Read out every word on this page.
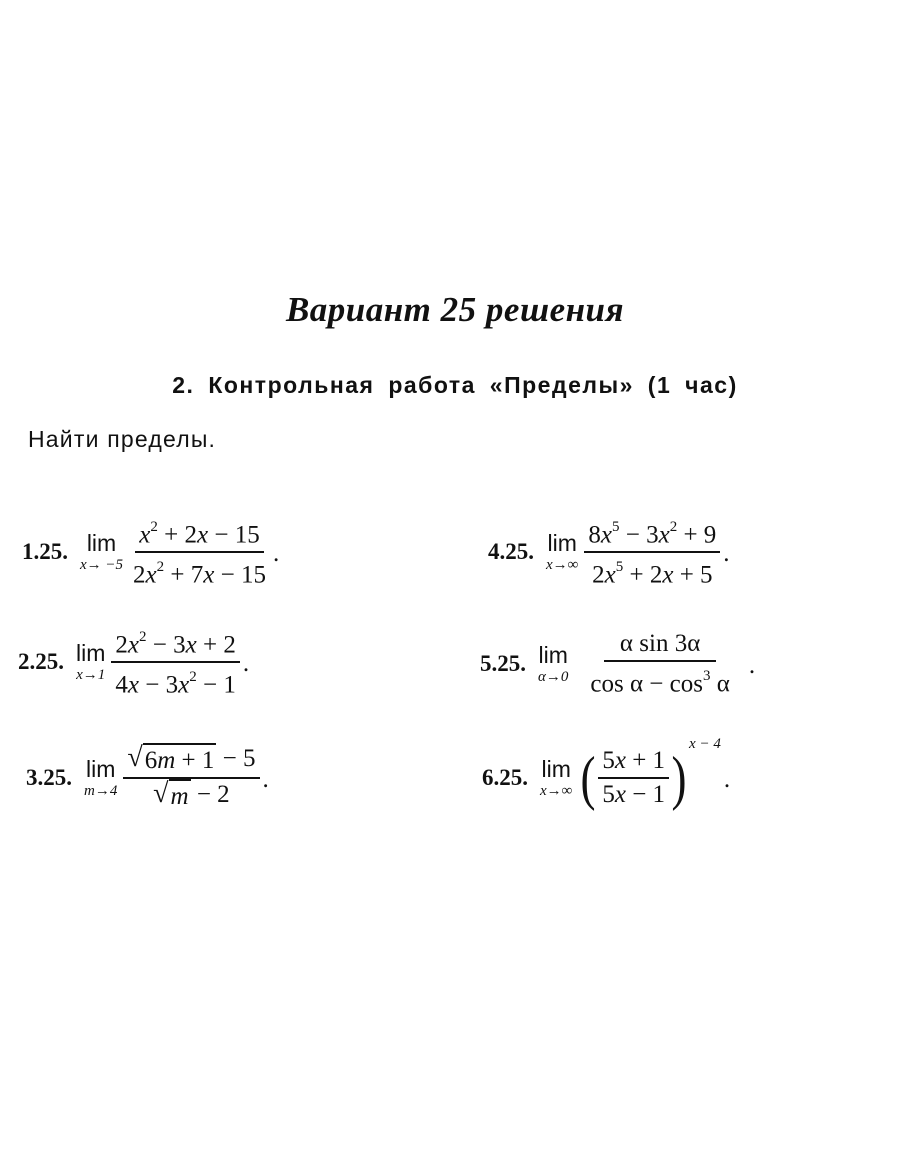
Вариант 25 решения
2. Контрольная работа «Пределы» (1 час)
Найти пределы.
1.25. lim
$x\to -5 \frac{x^2 + 2x - 15}{2x^2 + 7x - 15}$ .
2.25. lim
$x\to 1 \frac{2x^2 - 3x + 2}{4x - 3x^2 - 1}$ .
3.25. lim
$m\to 4 \frac{√ 6m + 1 - 5}{√ m - 2}$ .
4.25. lim
$x\to\infty \frac{8x^5 - 3x^2 + 9}{2x^5 + 2x + 5}$ .
5.25. lim
$\alpha\to 0 \frac{\text{α sin 3α}}{\cos \alpha - \cos^3 \alpha}$ .
6.25. lim
x→∞ ( $\frac{5x + 1}{5x - 1}$ )
x − 4
.
